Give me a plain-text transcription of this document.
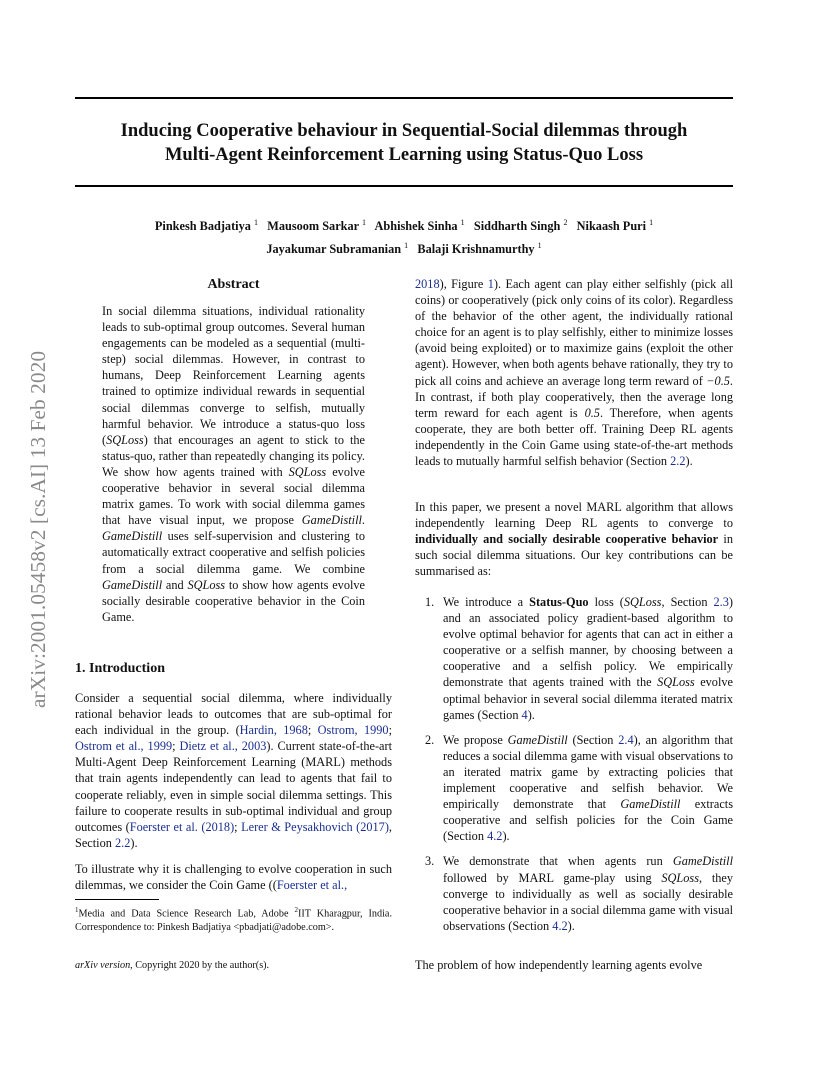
Inducing Cooperative behaviour in Sequential-Social dilemmas through
Multi-Agent Reinforcement Learning using Status-Quo Loss
Pinkesh Badjatiya $^1$ Mausoom Sarkar $^1$ Abhishek Sinha $^1$ Siddharth Singh $^2$ Nikaash Puri $^1$
Jayakumar Subramanian $^1$ Balaji Krishnamurthy $^1$
arXiv:2001.05458v2 [cs.AI] 13 Feb 2020
Abstract

In social dilemma situations, individual rationality leads to sub-optimal group outcomes. Several human engagements can be modeled as a sequential (multi-step) social dilemmas. However, in contrast to humans, Deep Reinforcement Learning agents trained to optimize individual rewards in sequential social dilemmas converge to selfish, mutually harmful behavior. We introduce a status-quo loss (SQLoss) that encourages an agent to stick to the status-quo, rather than repeatedly changing its policy. We show how agents trained with SQLoss evolve cooperative behavior in several social dilemma matrix games. To work with social dilemma games that have visual input, we propose GameDistill. GameDistill uses self-supervision and clustering to automatically extract cooperative and selfish policies from a social dilemma game. We combine GameDistill and SQLoss to show how agents evolve socially desirable cooperative behavior in the Coin Game.

1. Introduction

Consider a sequential social dilemma, where individually rational behavior leads to outcomes that are sub-optimal for each individual in the group. (Hardin, 1968; Ostrom, 1990; Ostrom et al., 1999; Dietz et al., 2003). Current state-of-the-art Multi-Agent Deep Reinforcement Learning (MARL) methods that train agents independently can lead to agents that fail to cooperate reliably, even in simple social dilemma settings. This failure to cooperate results in sub-optimal individual and group outcomes (Foerster et al. (2018); Lerer & Peysakhovich (2017), Section 2.2).

To illustrate why it is challenging to evolve cooperation in such dilemmas, we consider the Coin Game ((Foerster et al.,

$^1$Media and Data Science Research Lab, Adobe $^2$IIT Kharagpur, India. Correspondence to: Pinkesh Badjatiya <pbadjati@adobe.com>.
arXiv version, Copyright 2020 by the author(s).

2018), Figure 1). Each agent can play either selfishly (pick all coins) or cooperatively (pick only coins of its color). Regardless of the behavior of the other agent, the individually rational choice for an agent is to play selfishly, either to minimize losses (avoid being exploited) or to maximize gains (exploit the other agent). However, when both agents behave rationally, they try to pick all coins and achieve an average long term reward of −0.5. In contrast, if both play cooperatively, then the average long term reward for each agent is 0.5. Therefore, when agents cooperate, they are both better off. Training Deep RL agents independently in the Coin Game using state-of-the-art methods leads to mutually harmful selfish behavior (Section 2.2).

In this paper, we present a novel MARL algorithm that allows independently learning Deep RL agents to converge to individually and socially desirable cooperative behavior in such social dilemma situations. Our key contributions can be summarised as:

1. We introduce a Status-Quo loss (SQLoss, Section 2.3) and an associated policy gradient-based algorithm to evolve optimal behavior for agents that can act in either a cooperative or a selfish manner, by choosing between a cooperative and a selfish policy. We empirically demonstrate that agents trained with the SQLoss evolve optimal behavior in several social dilemma iterated matrix games (Section 4).

2. We propose GameDistill (Section 2.4), an algorithm that reduces a social dilemma game with visual observations to an iterated matrix game by extracting policies that implement cooperative and selfish behavior. We empirically demonstrate that GameDistill extracts cooperative and selfish policies for the Coin Game (Section 4.2).

3. We demonstrate that when agents run GameDistill followed by MARL game-play using SQLoss, they converge to individually as well as socially desirable cooperative behavior in a social dilemma game with visual observations (Section 4.2).

The problem of how independently learning agents evolve
